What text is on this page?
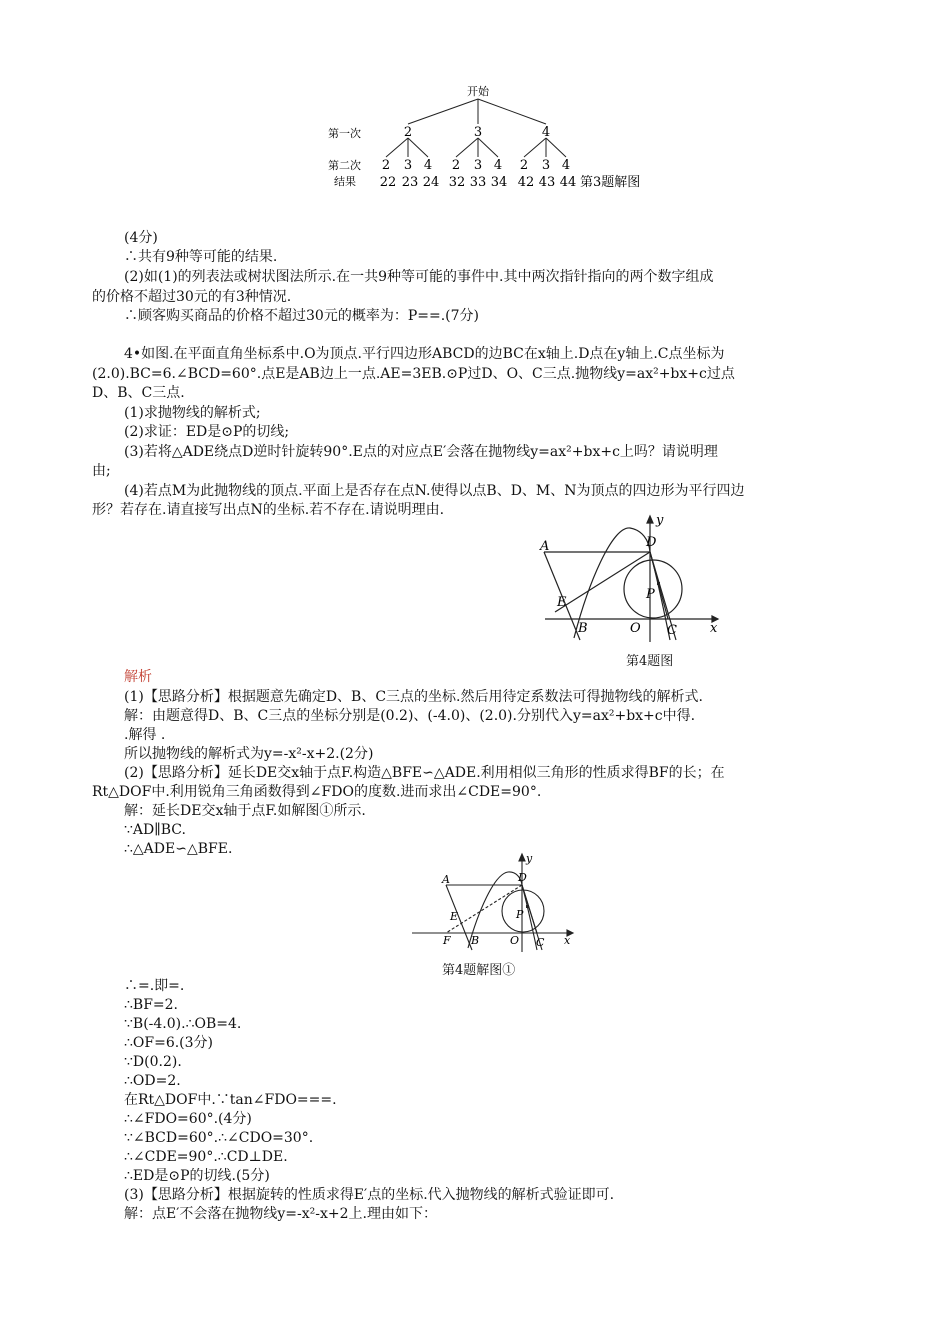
开始
第一次
第二次
结果
2	3	4
2 3 4 2 3 4 2 3 4
22 23 24 32 33 34 42 43 44 第3题解图
(4分)
∴共有9种等可能的结果.
(2)如(1)的列表法或树状图法所示.在一共9种等可能的事件中.其中两次指针指向的两个数字组成
的价格不超过30元的有3种情况.
∴顾客购买商品的价格不超过30元的概率为：P==.(7分)
4•如图.在平面直角坐标系中.O为顶点.平行四边形ABCD的边BC在x轴上.D点在y轴上.C点坐标为
(2.0).BC=6.∠BCD=60°.点E是AB边上一点.AE=3EB.⊙P过D、O、C三点.抛物线y=ax²+bx+c过点
D、B、C三点.
(1)求抛物线的解析式;
(2)求证：ED是⊙P的切线;
(3)若将△ADE绕点D逆时针旋转90°.E点的对应点E′会落在抛物线y=ax²+bx+c上吗？请说明理
由;
(4)若点M为此抛物线的顶点.平面上是否存在点N.使得以点B、D、M、N为顶点的四边形为平行四边
形？若存在.请直接写出点N的坐标.若不存在.请说明理由.
A	D
E
P
B	O C	x
y
第4题图
解析
(1)【思路分析】根据题意先确定D、B、C三点的坐标.然后用待定系数法可得抛物线的解析式.
解：由题意得D、B、C三点的坐标分别是(0.2)、(-4.0)、(2.0).分别代入y=ax²+bx+c中得.
.解得 .
所以抛物线的解析式为y=-x²-x+2.(2分)
(2)【思路分析】延长DE交x轴于点F.构造△BFE∽△ADE.利用相似三角形的性质求得BF的长；在
Rt△DOF中.利用锐角三角函数得到∠FDO的度数.进而求出∠CDE=90°.
解：延长DE交x轴于点F.如解图①所示.
∵AD∥BC.
∴△ADE∽△BFE.
A	D
E	P
F B	O C x
y
第4题解图①
∴=.即=.
∴BF=2.
∵B(-4.0).∴OB=4.
∴OF=6.(3分)
∵D(0.2).
∴OD=2.
在Rt△DOF中.∵tan∠FDO===.
∴∠FDO=60°.(4分)
∵∠BCD=60°.∴∠CDO=30°.
∴∠CDE=90°.∴CD⊥DE.
∴ED是⊙P的切线.(5分)
(3)【思路分析】根据旋转的性质求得E′点的坐标.代入抛物线的解析式验证即可.
解：点E′不会落在抛物线y=-x²-x+2上.理由如下：
